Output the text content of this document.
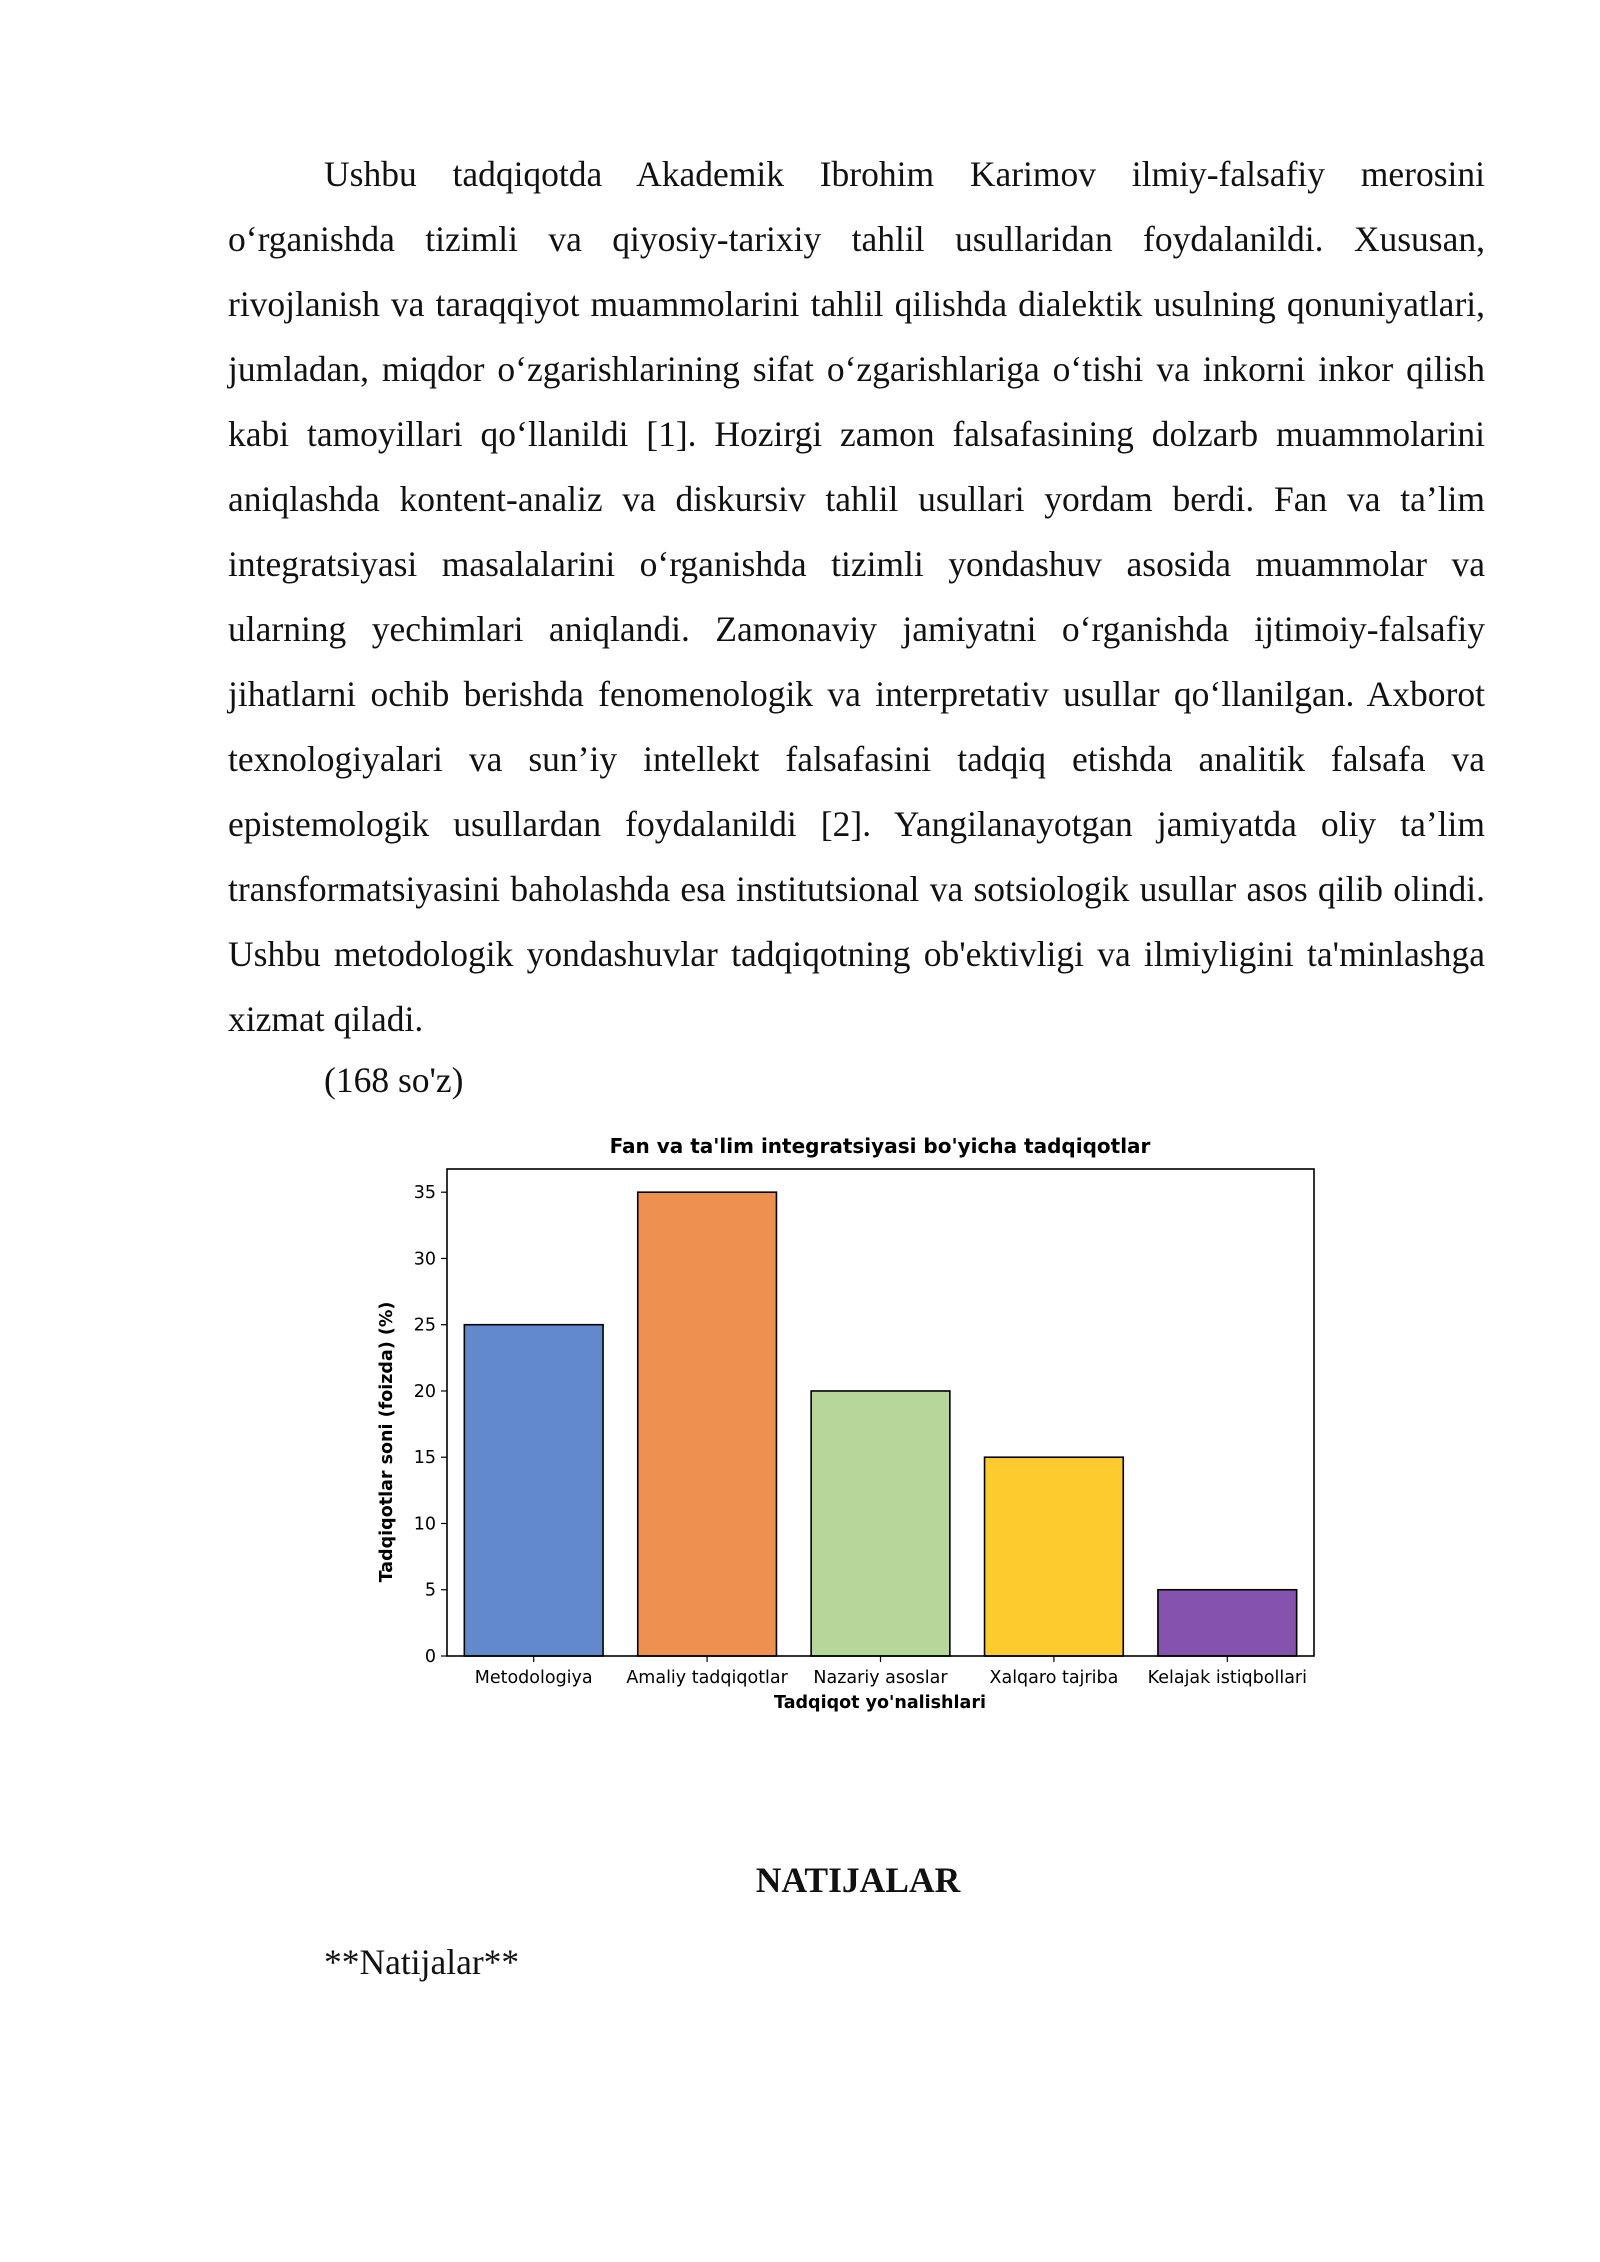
Ushbu tadqiqotda Akademik Ibrohim Karimov ilmiy-falsafiy merosini o‘rganishda tizimli va qiyosiy-tarixiy tahlil usullaridan foydalanildi. Xususan, rivojlanish va taraqqiyot muammolarini tahlil qilishda dialektik usulning qonuniyatlari, jumladan, miqdor o‘zgarishlarining sifat o‘zgarishlariga o‘tishi va inkorni inkor qilish kabi tamoyillari qo‘llanildi [1]. Hozirgi zamon falsafasining dolzarb muammolarini aniqlashda kontent-analiz va diskursiv tahlil usullari yordam berdi. Fan va ta’lim integratsiyasi masalalarini o‘rganishda tizimli yondashuv asosida muammolar va ularning yechimlari aniqlandi. Zamonaviy jamiyatni o‘rganishda ijtimoiy-falsafiy jihatlarni ochib berishda fenomenologik va interpretativ usullar qo‘llanilgan. Axborot texnologiyalari va sun’iy intellekt falsafasini tadqiq etishda analitik falsafa va epistemologik usullardan foydalanildi [2]. Yangilanayotgan jamiyatda oliy ta’lim transformatsiyasini baholashda esa institutsional va sotsiologik usullar asos qilib olindi. Ushbu metodologik yondashuvlar tadqiqotning ob'ektivligi va ilmiyligini ta'minlashga xizmat qiladi.

(168 so'z)
Fan va ta'lim integratsiyasi bo'yicha tadqiqotlar
Tadqiqotlar soni (foizda) (%)
Tadqiqot yo'nalishlari
Metodologiya Amaliy tadqiqotlar Nazariy asoslar Xalqaro tajriba Kelajak istiqbollari
0
5
10
15
20
25
30
35
NATIJALAR
**Natijalar**
